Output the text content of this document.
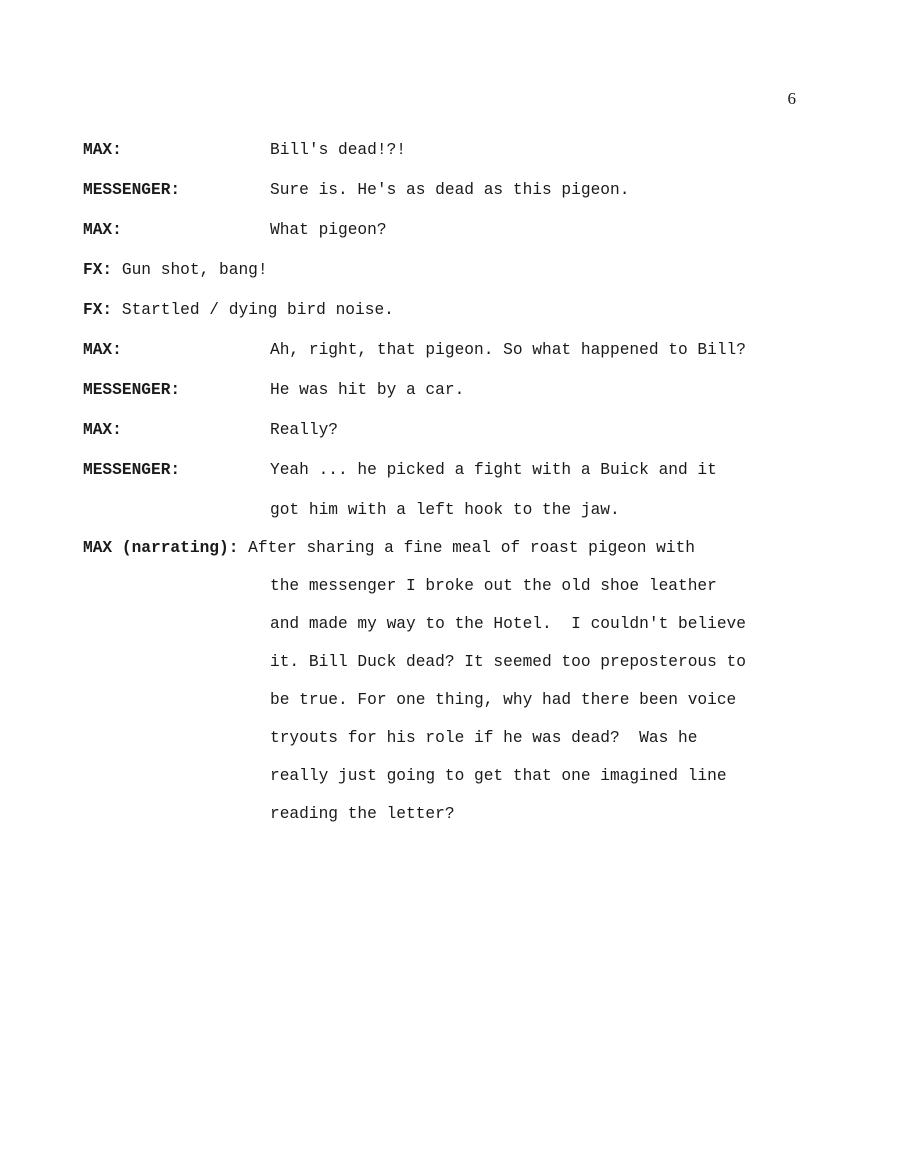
6
MAX:	Bill's dead!?!
MESSENGER:	Sure is. He's as dead as this pigeon.
MAX:	What pigeon?
FX: Gun shot, bang!
FX: Startled / dying bird noise.
MAX:	Ah, right, that pigeon. So what happened to Bill?
MESSENGER:	He was hit by a car.
MAX:	Really?
MESSENGER:	Yeah ... he picked a fight with a Buick and it
got him with a left hook to the jaw.
MAX (narrating): After sharing a fine meal of roast pigeon with
the messenger I broke out the old shoe leather
and made my way to the Hotel.  I couldn't believe
it. Bill Duck dead? It seemed too preposterous to
be true. For one thing, why had there been voice
tryouts for his role if he was dead?  Was he
really just going to get that one imagined line
reading the letter?
